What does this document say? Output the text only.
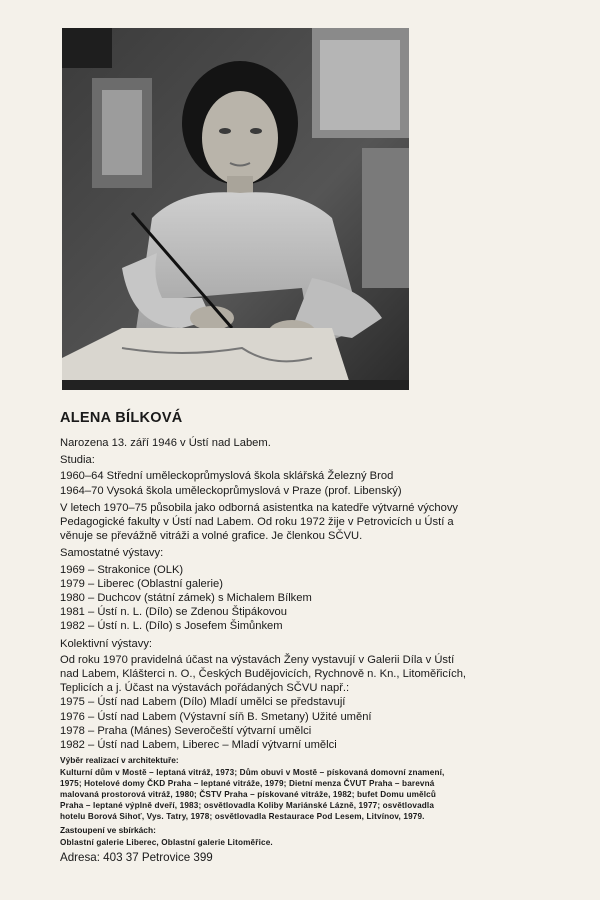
ALENA BÍLKOVÁ

Narozena 13. září 1946 v Ústí nad Labem.

Studia:
1960–64 Střední uměleckoprůmyslová škola sklářská Železný Brod
1964–70 Vysoká škola uměleckoprůmyslová v Praze (prof. Libenský)
V letech 1970–75 působila jako odborná asistentka na katedře výtvarné výchovy
Pedagogické fakulty v Ústí nad Labem. Od roku 1972 žije v Petrovicích u Ústí a
věnuje se převážně vitráži a volné grafice. Je členkou SČVU.
Samostatné výstavy:
1969 – Strakonice (OLK)
1979 – Liberec (Oblastní galerie)
1980 – Duchcov (státní zámek) s Michalem Bílkem
1981 – Ústí n. L. (Dílo) se Zdenou Štipákovou
1982 – Ústí n. L. (Dílo) s Josefem Šimůnkem
Kolektivní výstavy:
Od roku 1970 pravidelná účast na výstavách Ženy vystavují v Galerii Díla v Ústí
nad Labem, Klášterci n. O., Českých Budějovicích, Rychnově n. Kn., Litoměřicích,
Teplicích a j. Účast na výstavách pořádaných SČVU např.:
1975 – Ústí nad Labem (Dílo) Mladí umělci se představují
1976 – Ústí nad Labem (Výstavní síň B. Smetany) Užité umění
1978 – Praha (Mánes) Severočeští výtvarní umělci
1982 – Ústí nad Labem, Liberec – Mladí výtvarní umělci
Výběr realizací v architektuře:
Kulturní dům v Mostě – leptaná vitráž, 1973; Dům obuvi v Mostě – pískovaná domovní znamení,
1975; Hotelové domy ČKD Praha – leptané vitráže, 1979; Dietní menza ČVUT Praha – barevná
malovaná prostorová vitráž, 1980; ČSTV Praha – pískované vitráže, 1982; bufet Domu umělců
Praha – leptané výplně dveří, 1983; osvětlovadla Koliby Mariánské Lázně, 1977; osvětlovadla
hotelu Borová Sihoť, Vys. Tatry, 1978; osvětlovadla Restaurace Pod Lesem, Litvínov, 1979.
Zastoupení ve sbírkách:
Oblastní galerie Liberec, Oblastní galerie Litoměřice.
Adresa: 403 37 Petrovice 399
